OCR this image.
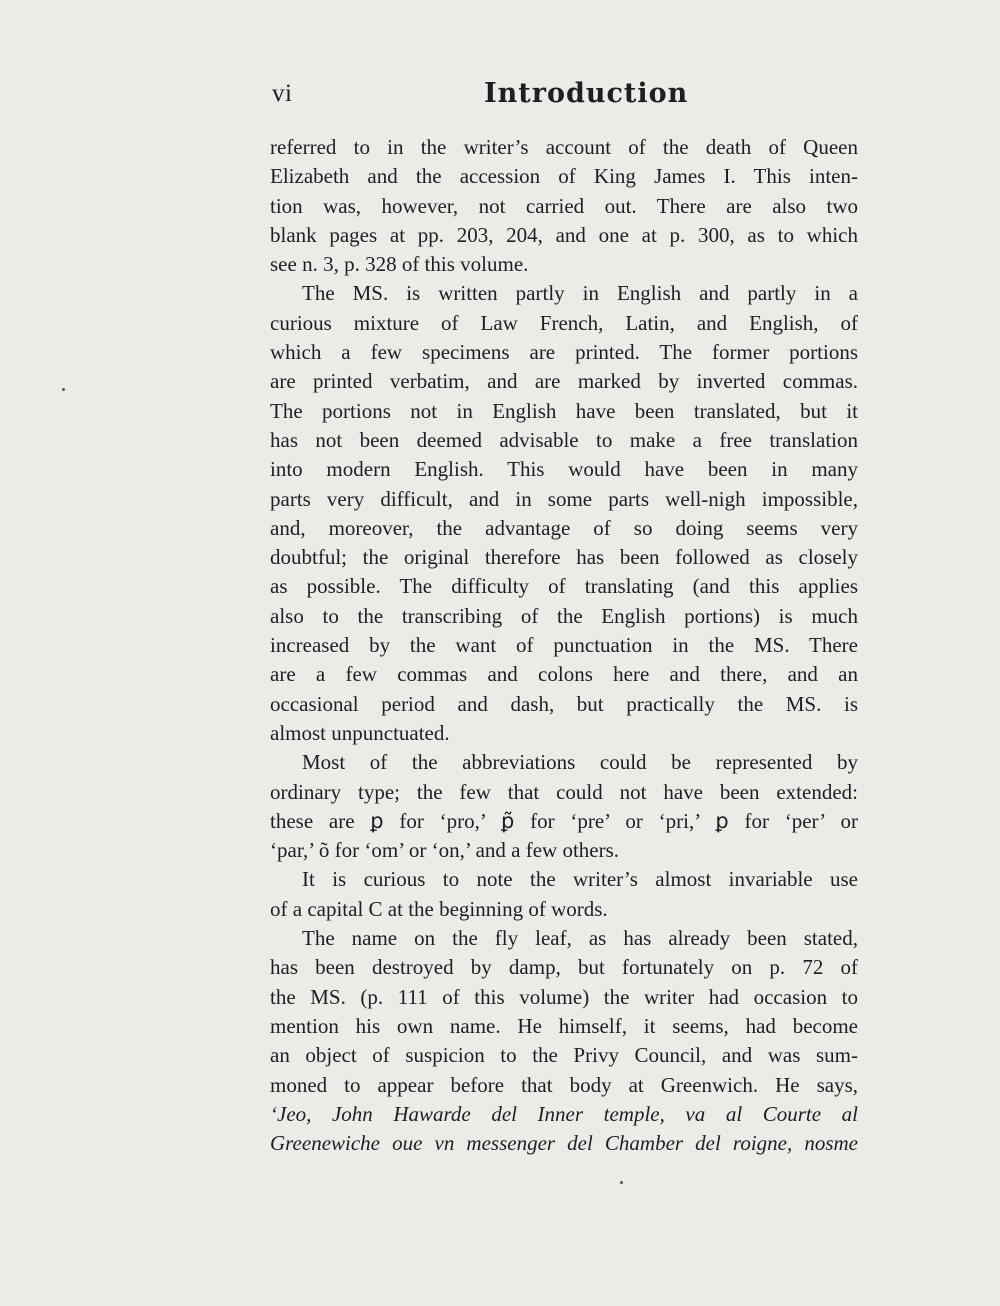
vi	Introduction

referred to in the writer’s account of the death of Queen

Elizabeth and the accession of King James I. This inten-

tion was, however, not carried out. There are also two

blank pages at pp. 203, 204, and one at p. 300, as to which

see n. 3, p. 328 of this volume.

The MS. is written partly in English and partly in a

curious mixture of Law French, Latin, and English, of

which a few specimens are printed. The former portions

are printed verbatim, and are marked by inverted commas.

The portions not in English have been translated, but it

has not been deemed advisable to make a free translation

into modern English. This would have been in many

parts very difficult, and in some parts well-nigh impossible,

and, moreover, the advantage of so doing seems very

doubtful; the original therefore has been followed as closely

as possible. The difficulty of translating (and this applies

also to the transcribing of the English portions) is much

increased by the want of punctuation in the MS. There

are a few commas and colons here and there, and an

occasional period and dash, but practically the MS. is

almost unpunctuated.

Most of the abbreviations could be represented by

ordinary type; the few that could not have been extended:

these are ꝑ for ‘pro,’ ꝑ̃ for ‘pre’ or ‘pri,’ ꝑ for ‘per’ or

‘par,’ õ for ‘om’ or ‘on,’ and a few others.

It is curious to note the writer’s almost invariable use

of a capital C at the beginning of words.

The name on the fly leaf, as has already been stated,

has been destroyed by damp, but fortunately on p. 72 of

the MS. (p. 111 of this volume) the writer had occasion to

mention his own name. He himself, it seems, had become

an object of suspicion to the Privy Council, and was sum-

moned to appear before that body at Greenwich. He says,

‘Jeo, John Hawarde del Inner temple, va al Courte al

Greenewiche oue vn messenger del Chamber del roigne, nosme
